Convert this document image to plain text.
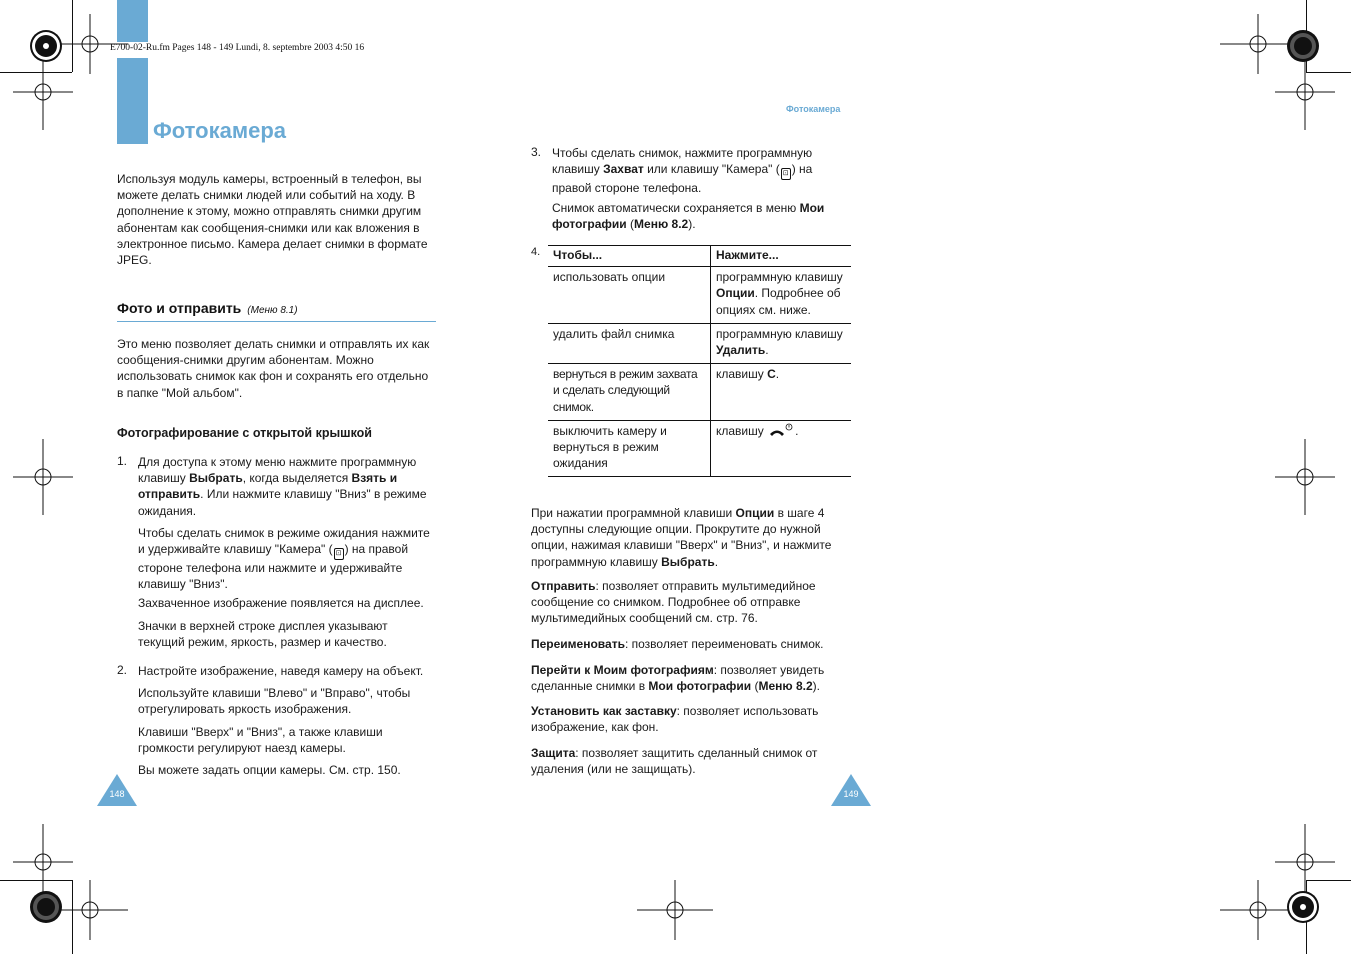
E700-02-Ru.fm Pages 148 - 149 Lundi, 8. septembre 2003 4:50 16
Фотокамера
Используя модуль камеры, встроенный в телефон, вы можете делать снимки людей или событий на ходу. В дополнение к этому, можно отправлять снимки другим абонентам как сообщения-снимки или как вложения в электронное письмо. Камера делает снимки в формате JPEG.
Фото и отправить (Меню 8.1)
Это меню позволяет делать снимки и отправлять их как сообщения-снимки другим абонентам. Можно использовать снимок как фон и сохранять его отдельно в папке "Мой альбом".
Фотографирование с открытой крышкой
1. Для доступа к этому меню нажмите программную клавишу Выбрать, когда выделяется Взять и отправить. Или нажмите клавишу "Вниз" в режиме ожидания.
Чтобы сделать снимок в режиме ожидания нажмите и удерживайте клавишу "Камера" ( ⊡ ) на правой стороне телефона или нажмите и удерживайте клавишу "Вниз".
Захваченное изображение появляется на дисплее.
Значки в верхней строке дисплея указывают текущий режим, яркость, размер и качество.
2. Настройте изображение, наведя камеру на объект.
Используйте клавиши "Влево" и "Вправо", чтобы отрегулировать яркость изображения.
Клавиши "Вверх" и "Вниз", а также клавиши громкости регулируют наезд камеры.
Вы можете задать опции камеры. См. стр. 150.
148
Фотокамера
3. Чтобы сделать снимок, нажмите программную клавишу Захват или клавишу "Камера" ( ⊡ ) на правой стороне телефона.
Снимок автоматически сохраняется в меню Мои фотографии (Меню 8.2).
4. Чтобы...	Нажмите...
использовать опции	программную клавишу Опции. Подробнее об опциях см. ниже.
удалить файл снимка	программную клавишу Удалить.
вернуться в режим захвата и сделать следующий снимок.	клавишу C.
выключить камеру и вернуться в режим ожидания	клавишу .
При нажатии программной клавиши Опции в шаге 4 доступны следующие опции. Прокрутите до нужной опции, нажимая клавиши "Вверх" и "Вниз", и нажмите программную клавишу Выбрать.
Отправить: позволяет отправить мультимедийное сообщение со снимком. Подробнее об отправке мультимедийных сообщений см. стр. 76.
Переименовать: позволяет переименовать снимок.
Перейти к Моим фотографиям: позволяет увидеть сделанные снимки в Мои фотографии (Меню 8.2).
Установить как заставку: позволяет использовать изображение, как фон.
Защита: позволяет защитить сделанный снимок от удаления (или не защищать).
149
